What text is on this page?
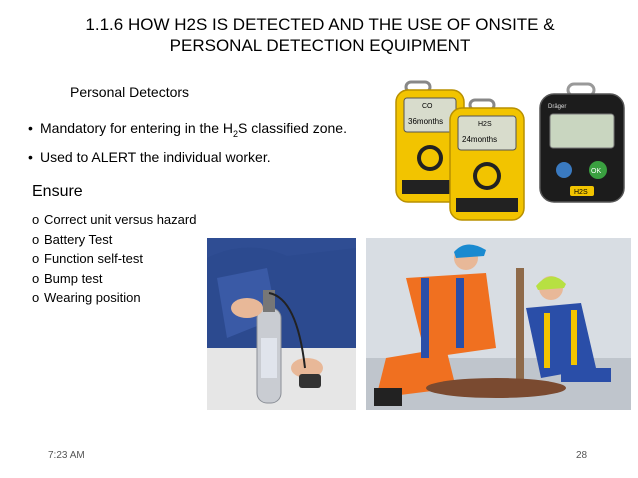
1.1.6 HOW H2S IS DETECTED AND THE USE OF ONSITE &
PERSONAL DETECTION EQUIPMENT
Personal Detectors
• Mandatory for entering in the $H_2S$ classified zone.
• Used to ALERT the individual worker.
Ensure
o Correct unit versus hazard
o Battery Test
o Function self-test
o Bump test
o Wearing position
CO
36months	H2S
24months
Dräger
OK
H2S
7:23 AM	28
